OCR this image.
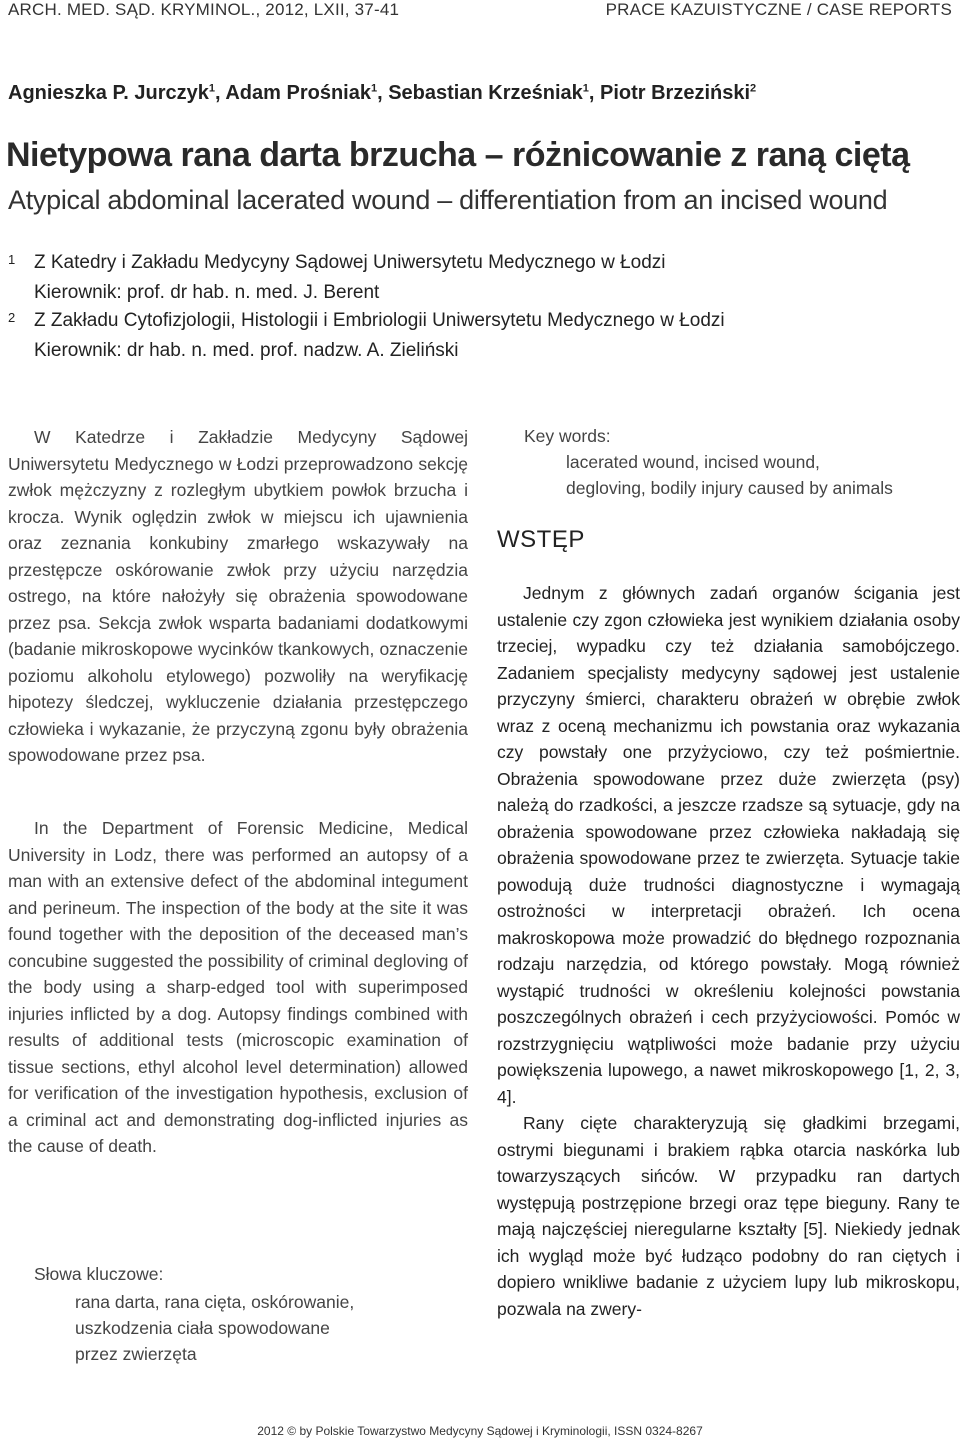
ARCH. MED. SĄD. KRYMINOL., 2012, LXII, 37-41	PRACE KAZUISTYCZNE / CASE REPORTS
Agnieszka P. Jurczyk$^1$, Adam Prośniak$^1$, Sebastian Krześniak$^1$, Piotr Brzeziński$^2$
Nietypowa rana darta brzucha – różnicowanie z raną ciętą
Atypical abdominal lacerated wound – differentiation from an incised wound
1 Z Katedry i Zakładu Medycyny Sądowej Uniwersytetu Medycznego w Łodzi
Kierownik: prof. dr hab. n. med. J. Berent
2 Z Zakładu Cytofizjologii, Histologii i Embriologii Uniwersytetu Medycznego w Łodzi
Kierownik: dr hab. n. med. prof. nadzw. A. Zieliński

W Katedrze i Zakładzie Medycyny Sądowej Uniwersytetu Medycznego w Łodzi przeprowadzono sekcję zwłok mężczyzny z rozległym ubytkiem powłok brzucha i krocza. Wynik oględzin zwłok w miejscu ich ujawnienia oraz zeznania konkubiny zmarłego wskazywały na przestępcze oskórowanie zwłok przy użyciu narzędzia ostrego, na które nałożyły się obrażenia spowodowane przez psa. Sekcja zwłok wsparta badaniami dodatkowymi (badanie mikroskopowe wycinków tkankowych, oznaczenie poziomu alkoholu etylowego) pozwoliły na weryfikację hipotezy śledczej, wykluczenie działania przestępczego człowieka i wykazanie, że przyczyną zgonu były obrażenia spowodowane przez psa.

In the Department of Forensic Medicine, Medical University in Lodz, there was performed an autopsy of a man with an extensive defect of the abdominal integument and perineum. The inspection of the body at the site it was found together with the deposition of the deceased man’s concubine suggested the possibility of criminal degloving of the body using a sharp-edged tool with superimposed injuries inflicted by a dog. Autopsy findings combined with results of additional tests (microscopic examination of tissue sections, ethyl alcohol level determination) allowed for verification of the investigation hypothesis, exclusion of a criminal act and demonstrating dog-inflicted injuries as the cause of death.

Słowa kluczowe:
rana darta, rana cięta, oskórowanie,
uszkodzenia ciała spowodowane
przez zwierzęta
Key words:
lacerated wound, incised wound,
degloving, bodily injury caused by animals
WSTĘP

Jednym z głównych zadań organów ścigania jest ustalenie czy zgon człowieka jest wynikiem działania osoby trzeciej, wypadku czy też działania samobójczego. Zadaniem specjalisty medycyny sądowej jest ustalenie przyczyny śmierci, charakteru obrażeń w obrębie zwłok wraz z oceną mechanizmu ich powstania oraz wykazania czy powstały one przyżyciowo, czy też pośmiertnie. Obrażenia spowodowane przez duże zwierzęta (psy) należą do rzadkości, a jeszcze rzadsze są sytuacje, gdy na obrażenia spowodowane przez człowieka nakładają się obrażenia spowodowane przez te zwierzęta. Sytuacje takie powodują duże trudności diagnostyczne i wymagają ostrożności w interpretacji obrażeń. Ich ocena makroskopowa może prowadzić do błędnego rozpoznania rodzaju narzędzia, od którego powstały. Mogą również wystąpić trudności w określeniu kolejności powstania poszczególnych obrażeń i cech przyżyciowości. Pomóc w rozstrzygnięciu wątpliwości może badanie przy użyciu powiększenia lupowego, a nawet mikroskopowego [1, 2, 3, 4].

Rany cięte charakteryzują się gładkimi brzegami, ostrymi biegunami i brakiem rąbka otarcia naskórka lub towarzyszących sińców. W przypadku ran dartych występują postrzępione brzegi oraz tępe bieguny. Rany te mają najczęściej nieregularne kształty [5]. Niekiedy jednak ich wygląd może być łudząco podobny do ran ciętych i dopiero wnikliwe badanie z użyciem lupy lub mikroskopu, pozwala na zwery-

2012 © by Polskie Towarzystwo Medycyny Sądowej i Kryminologii, ISSN 0324-8267
